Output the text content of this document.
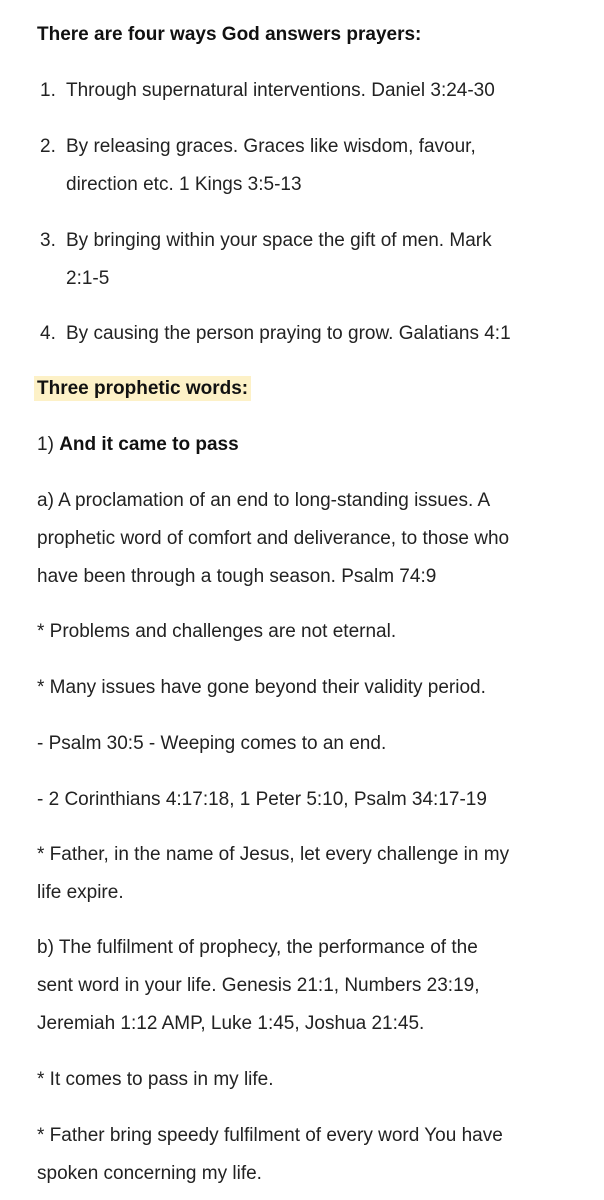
There are four ways God answers prayers:
1. Through supernatural interventions. Daniel 3:24-30
2. By releasing graces. Graces like wisdom, favour,
direction etc. 1 Kings 3:5-13
3. By bringing within your space the gift of men. Mark
2:1-5
4. By causing the person praying to grow. Galatians 4:1
Three prophetic words:
1) And it came to pass
a) A proclamation of an end to long-standing issues. A
prophetic word of comfort and deliverance, to those who
have been through a tough season. Psalm 74:9
* Problems and challenges are not eternal.
* Many issues have gone beyond their validity period.
- Psalm 30:5 - Weeping comes to an end.
- 2 Corinthians 4:17:18, 1 Peter 5:10, Psalm 34:17-19
* Father, in the name of Jesus, let every challenge in my
life expire.
b) The fulfilment of prophecy, the performance of the
sent word in your life. Genesis 21:1, Numbers 23:19,
Jeremiah 1:12 AMP, Luke 1:45, Joshua 21:45.
* It comes to pass in my life.
* Father bring speedy fulfilment of every word You have
spoken concerning my life.
